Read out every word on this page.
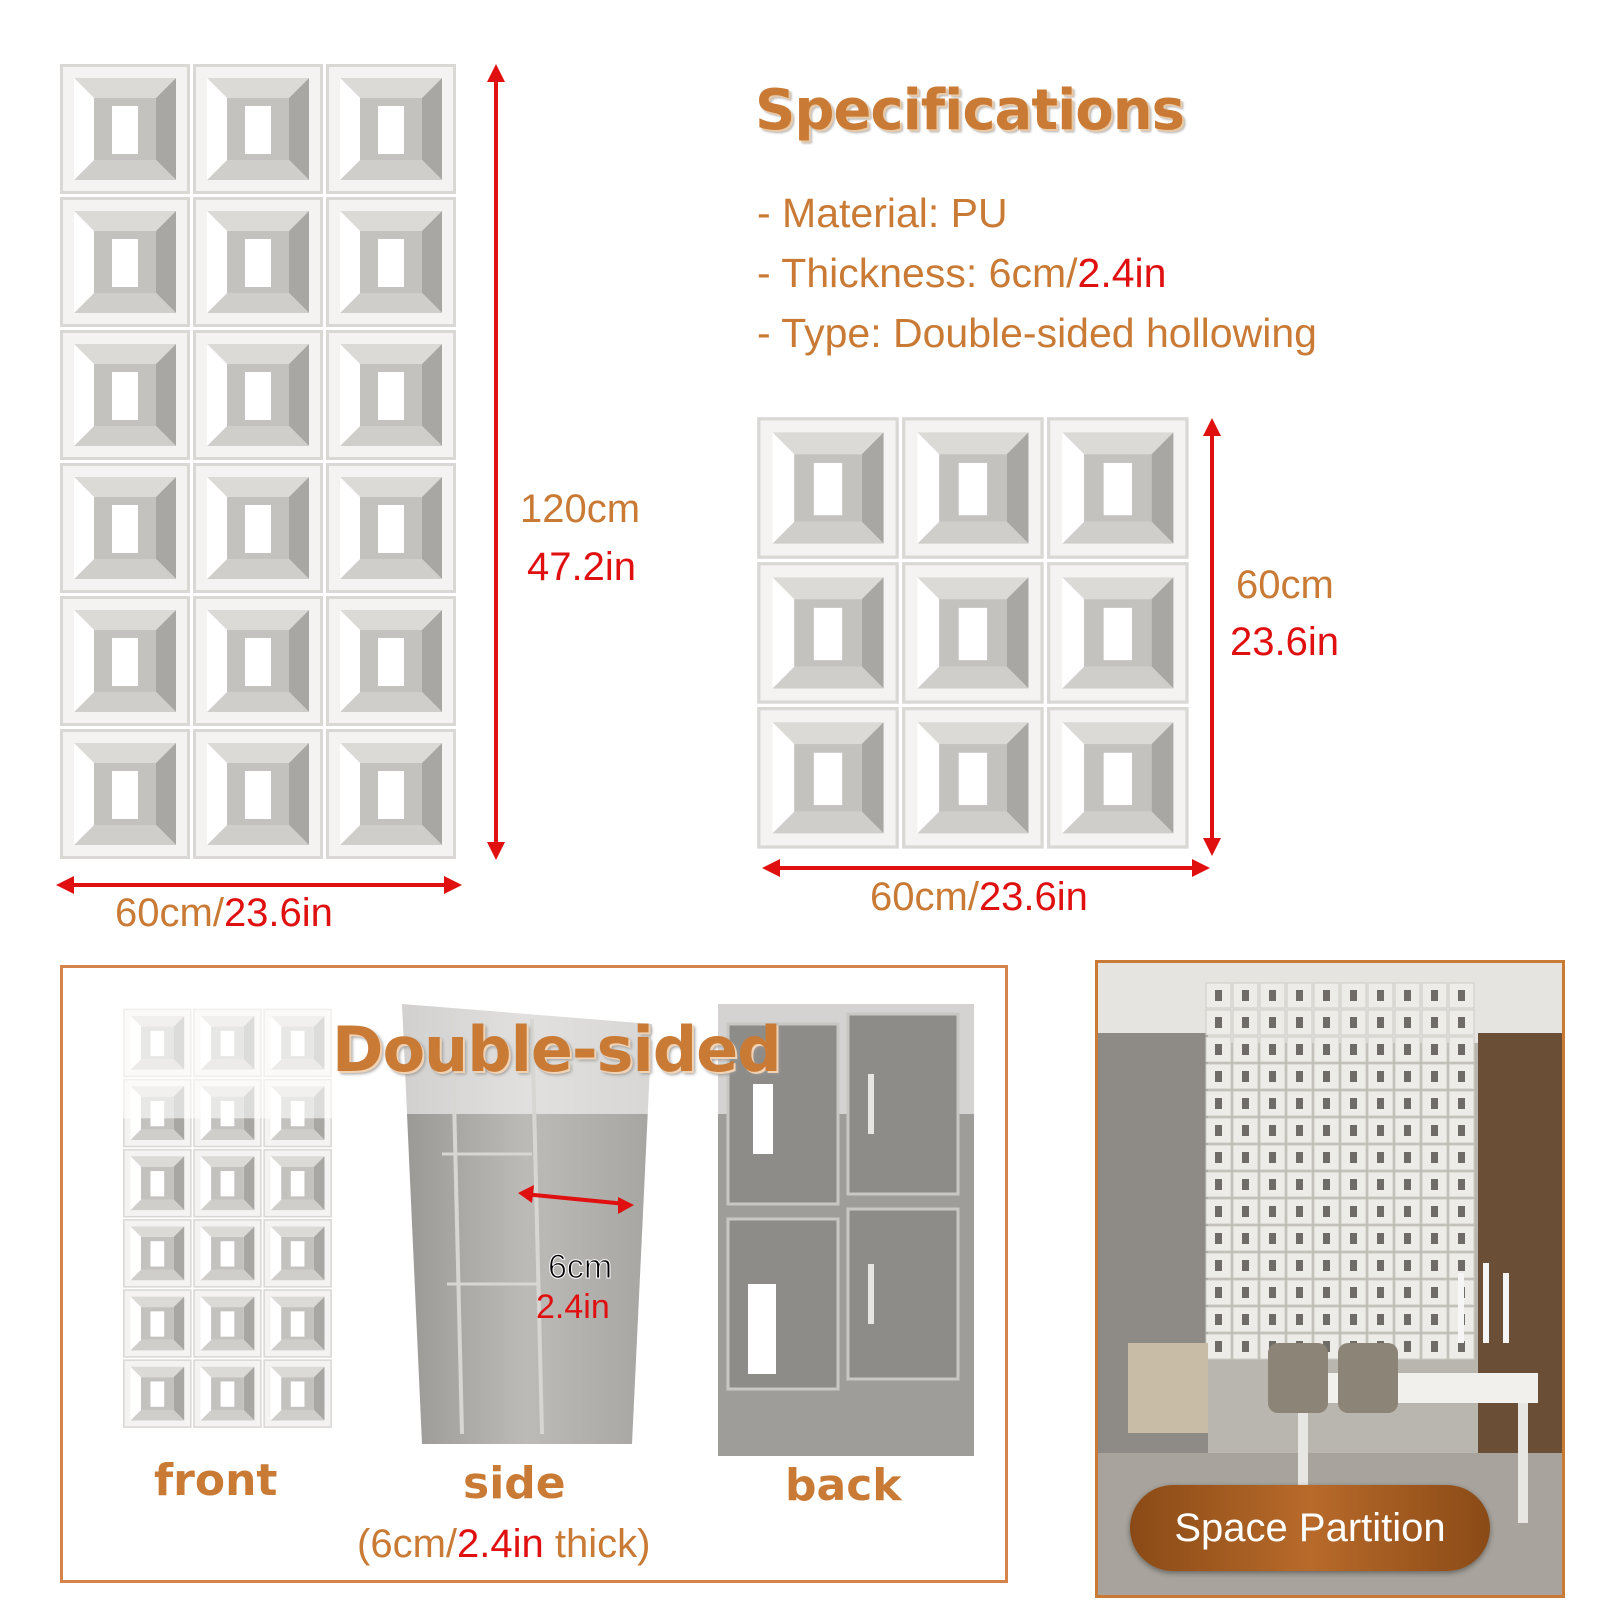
120cm
47.2in
60cm/23.6in
Specifications
- Material: PU
- Thickness: 6cm/2.4in
- Type: Double-sided hollowing
60cm
23.6in
60cm/23.6in
6cm
2.4in
Double-sided
front	side	back
(6cm/2.4in thick)	Space Partition
